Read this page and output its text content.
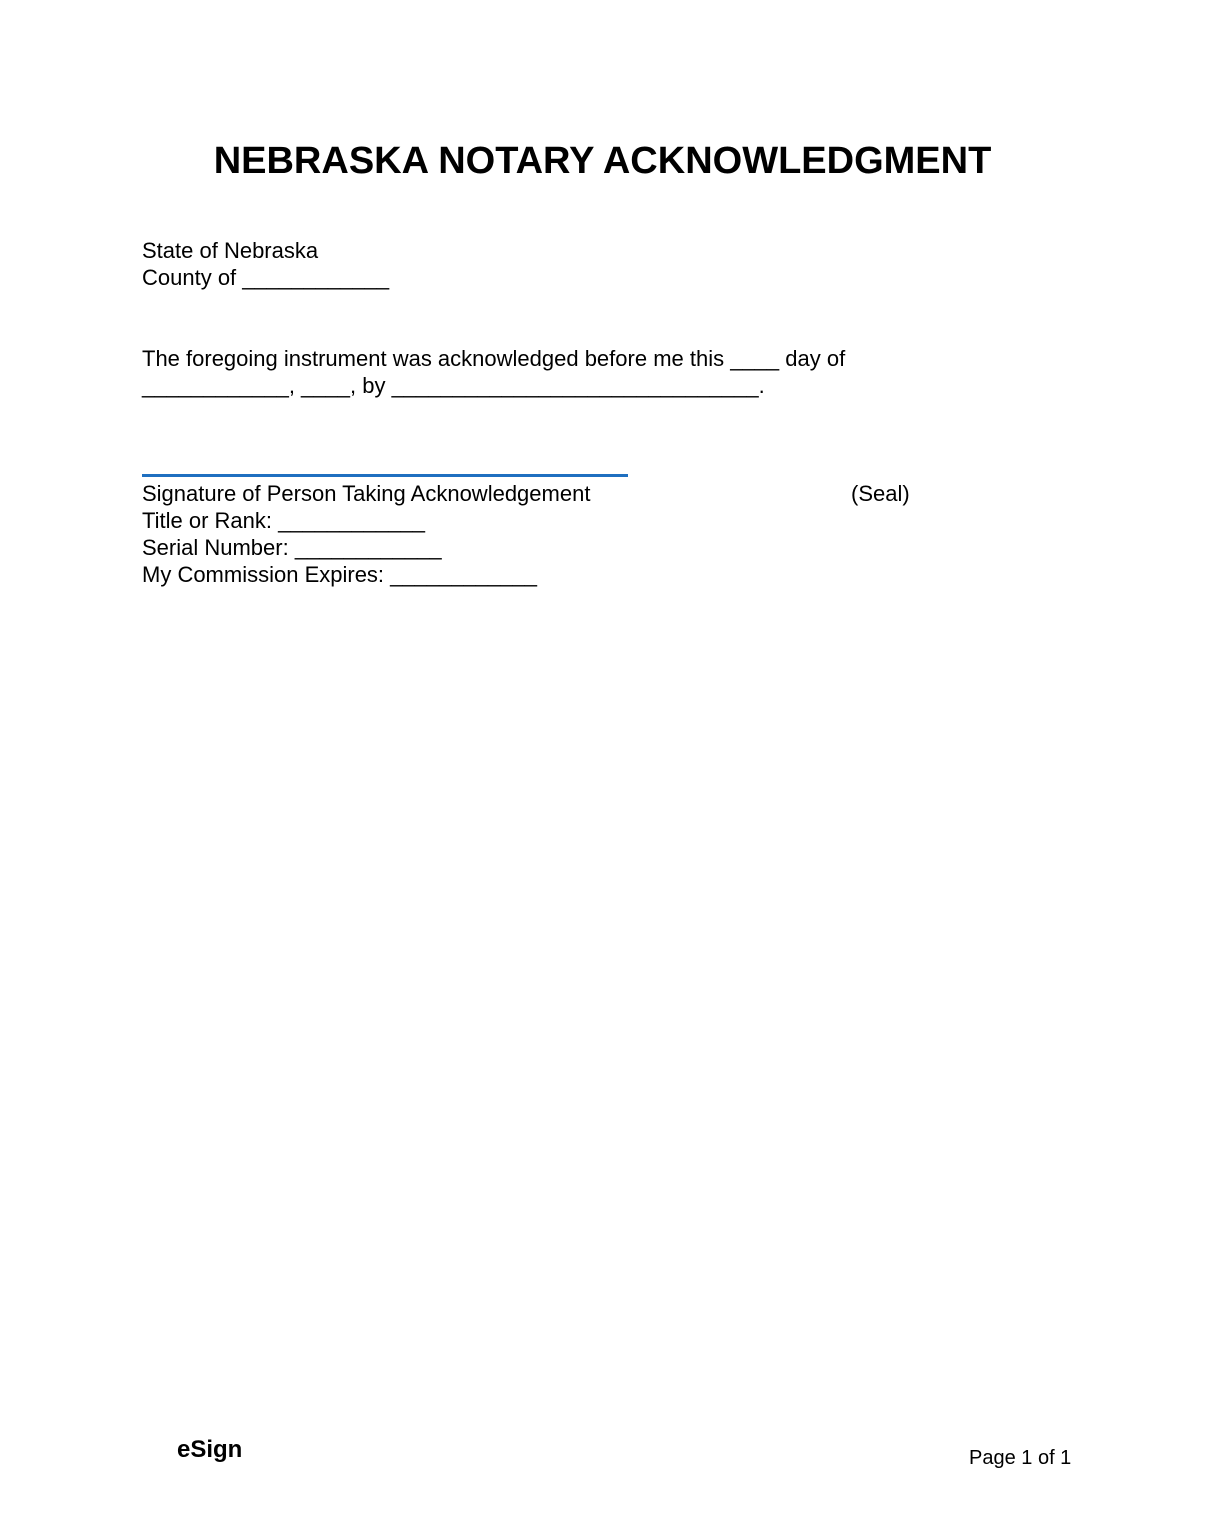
NEBRASKA NOTARY ACKNOWLEDGMENT
State of Nebraska
County of ____________
The foregoing instrument was acknowledged before me this ____ day of
____________, ____, by ______________________________.
Signature of Person Taking Acknowledgement	(Seal)
Title or Rank: ____________
Serial Number: ____________
My Commission Expires: ____________
eSign	Page 1 of 1
